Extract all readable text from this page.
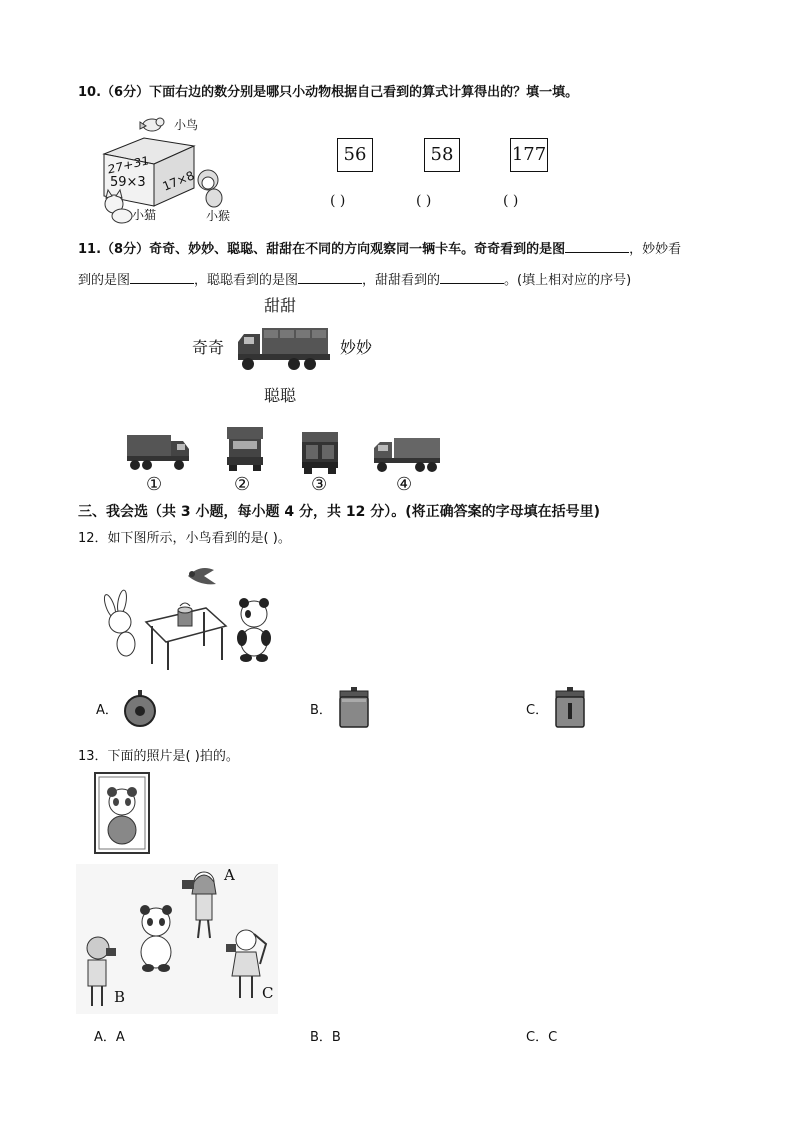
10.（6分）下面右边的数分别是哪只小动物根据自己看到的算式计算得出的？填一填。
小鸟
27+31
59×3 17×8
小猫	小猴
56	58	177
( )	( )	( )
11.（8分）奇奇、妙妙、聪聪、甜甜在不同的方向观察同一辆卡车。奇奇看到的是图	，妙妙看
到的是图	，聪聪看到的是图	，甜甜看到的	。(填上相对应的序号)
甜甜
奇奇	妙妙
聪聪
①	②	③	④
三、我会选（共 3 小题，每小题 4 分，共 12 分）。(将正确答案的字母填在括号里)
12．如下图所示，小鸟看到的是( )。
A．	B．	C．
13．下面的照片是( )拍的。
A
B	C
A．A	B．B	C．C
